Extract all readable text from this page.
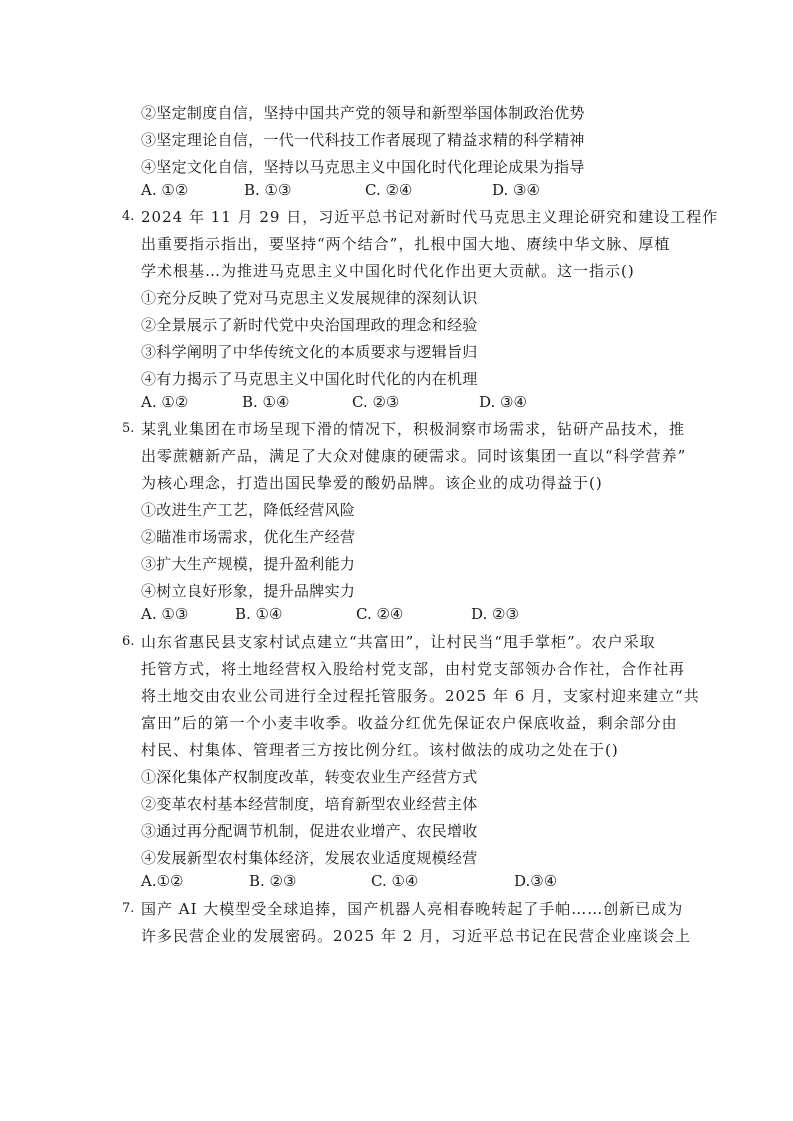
②坚定制度自信，坚持中国共产党的领导和新型举国体制政治优势
③坚定理论自信，一代一代科技工作者展现了精益求精的科学精神
④坚定文化自信，坚持以马克思主义中国化时代化理论成果为指导
A. ①②	B. ①③	C. ②④	D. ③④
4. 2024 年 11 月 29 日，习近平总书记对新时代马克思主义理论研究和建设工程作
出重要指示指出，要坚持“两个结合”，扎根中国大地、赓续中华文脉、厚植
学术根基…为推进马克思主义中国化时代化作出更大贡献。这一指示()
①充分反映了党对马克思主义发展规律的深刻认识
②全景展示了新时代党中央治国理政的理念和经验
③科学阐明了中华传统文化的本质要求与逻辑旨归
④有力揭示了马克思主义中国化时代化的内在机理
A. ①②	B. ①④	C. ②③	D. ③④
5. 某乳业集团在市场呈现下滑的情况下，积极洞察市场需求，钻研产品技术，推
出零蔗糖新产品，满足了大众对健康的硬需求。同时该集团一直以“科学营养”
为核心理念，打造出国民挚爱的酸奶品牌。该企业的成功得益于()
①改进生产工艺，降低经营风险
②瞄准市场需求，优化生产经营
③扩大生产规模，提升盈利能力
④树立良好形象，提升品牌实力
A. ①③	B. ①④	C. ②④	D. ②③
6. 山东省惠民县支家村试点建立“共富田”，让村民当“甩手掌柜”。农户采取
托管方式，将土地经营权入股给村党支部，由村党支部领办合作社，合作社再
将土地交由农业公司进行全过程托管服务。2025 年 6 月，支家村迎来建立“共
富田”后的第一个小麦丰收季。收益分红优先保证农户保底收益，剩余部分由
村民、村集体、管理者三方按比例分红。该村做法的成功之处在于()
①深化集体产权制度改革，转变农业生产经营方式
②变革农村基本经营制度，培育新型农业经营主体
③通过再分配调节机制，促进农业增产、农民增收
④发展新型农村集体经济，发展农业适度规模经营
A.①②	B. ②③	C. ①④	D.③④
7. 国产 AI 大模型受全球追捧，国产机器人亮相春晚转起了手帕……创新已成为
许多民营企业的发展密码。2025 年 2 月，习近平总书记在民营企业座谈会上
